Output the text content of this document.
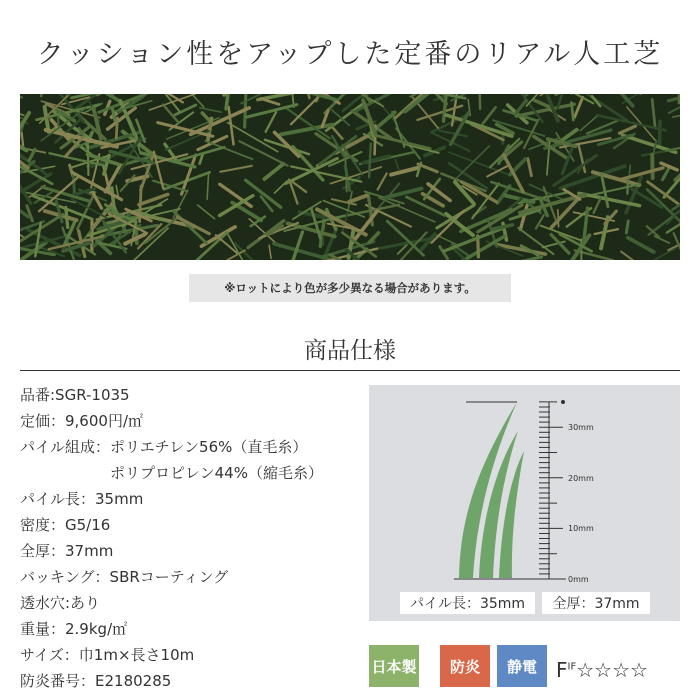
クッション性をアップした定番のリアル人工芝
※ロットにより色が多少異なる場合があります。
商品仕様
品番:SGR-1035
定価：9,600円/㎡
パイル組成：ポリエチレン56%（直毛糸）
ポリプロピレン44%（縮毛糸）
パイル長：35mm
密度：G5/16
全厚：37mm
バッキング：SBRコーティング
透水穴:あり
重量：2.9kg/㎡
サイズ：巾1m×長さ10m
防炎番号：E2180285
30mm
20mm
10mm
0mm
パイル長：35mm	全厚：37mm
日本製	防炎	静電 $F^{IF}☆☆☆☆$
